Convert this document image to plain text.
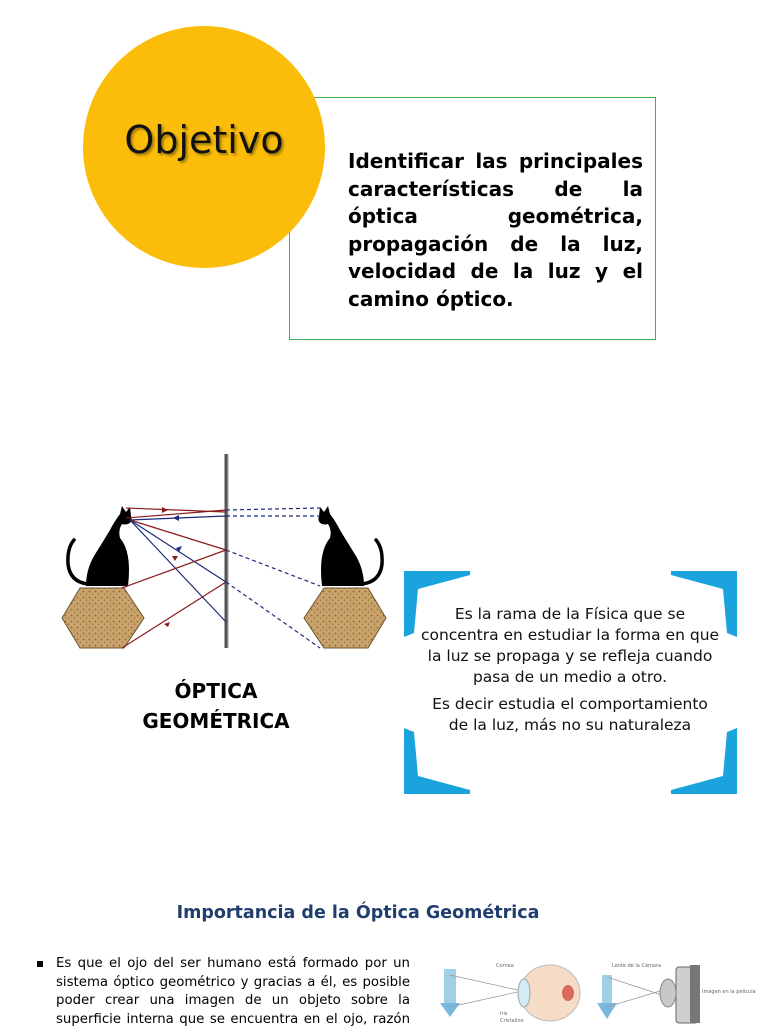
Objetivo	Identificar las principales características de la óptica geométrica, propagación de la luz, velocidad de la luz y el camino óptico.
ÓPTICA GEOMÉTRICA

Es la rama de la Física que se concentra en estudiar la forma en que la luz se propaga y se refleja cuando pasa de un medio a otro.

Es decir estudia el comportamiento de la luz, más no su naturaleza

Importancia de la Óptica Geométrica
Es que el ojo del ser humano está formado por un sistema óptico geométrico y gracias a él, es posible poder crear una imagen de un objeto sobre la superficie interna que se encuentra en el ojo, razón
Cornea
Iris
Cristalino
Lente de la Cámara
Imagen en la película
